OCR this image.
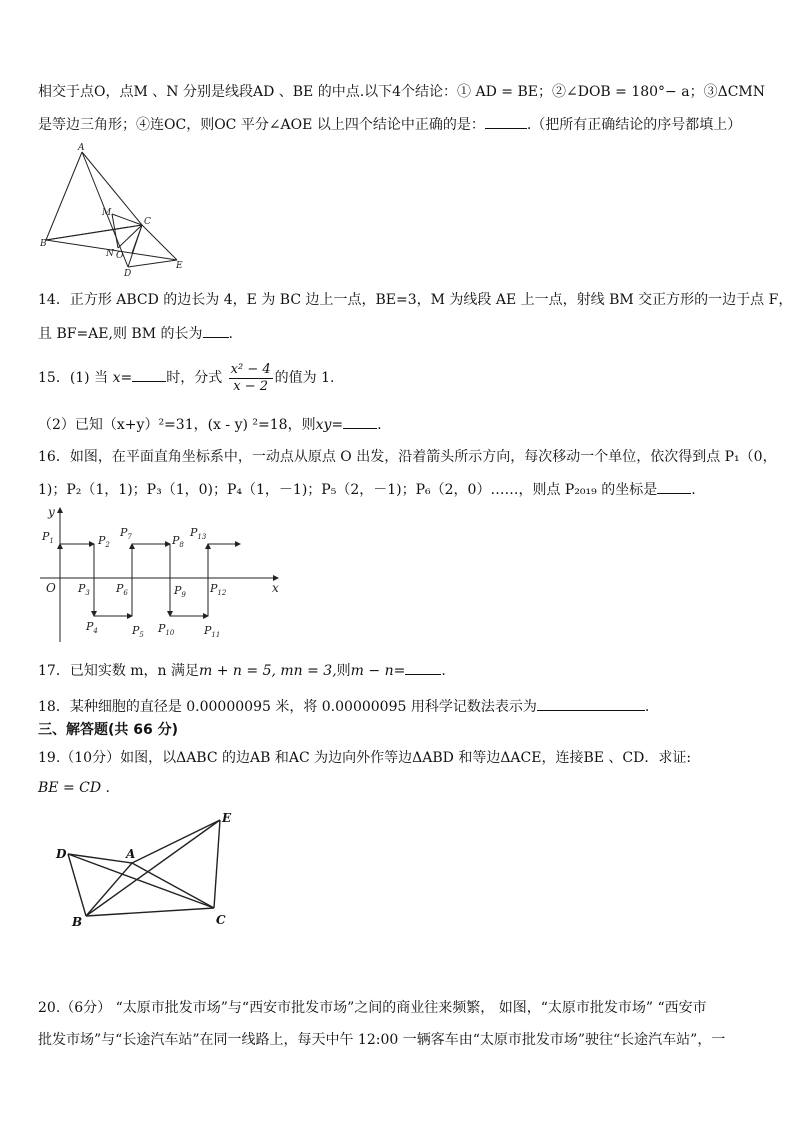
相交于点O，点M 、N 分别是线段AD 、BE 的中点.以下4个结论：① AD = BE；②∠DOB = 180°− a；③ΔCMN
是等边三角形；④连OC，则OC 平分∠AOE 以上四个结论中正确的是：	.（把所有正确结论的序号都填上）
A
M
C
B
N O
D
E
14．正方形 ABCD 的边长为 4，E 为 BC 边上一点，BE=3，M 为线段 AE 上一点，射线 BM 交正方形的一边于点 F，
且 BF=AE,则 BM 的长为 .
15．(1) 当 x= 时，分式 $\frac{\text{x² − 4}}{x - 2}$ 的值为 1.
（2）已知（x+y）²=31，(x - y) ²=18，则xy= .
16．如图，在平面直角坐标系中，一动点从原点 O 出发，沿着箭头所示方向，每次移动一个单位，依次得到点 P₁（0，
1)；P₂（1，1)；P₃（1，0)；P₄（1，－1)；P₅（2，－1)；P₆（2，0）……，则点 P₂₀₁₉ 的坐标是 .
y
x
O
$P_1$	$P_2$
$P_3$
$P_4$	$P_5$
$P_6$
$P_7$	$P_8$
$P_9$
$P_{10}$	$P_{11}$
$P_{12}$
$P_{13}$
17．已知实数 m，n 满足m + n = 5, mn = 3,则m − n=	.
18．某种细胞的直径是 0.00000095 米，将 0.00000095 用科学记数法表示为	.
三、解答题(共 66 分)
19.（10分）如图，以ΔABC 的边AB 和AC 为边向外作等边ΔABD 和等边ΔACE，连接BE 、CD．求证:
BE = CD .
D	A
E
B	C
20.（6分） “太原市批发市场”与“西安市批发市场”之间的商业往来频繁， 如图，“太原市批发市场” “西安市
批发市场”与“长途汽车站”在同一线路上，每天中午 12:00 一辆客车由“太原市批发市场”驶往“长途汽车站”，一
